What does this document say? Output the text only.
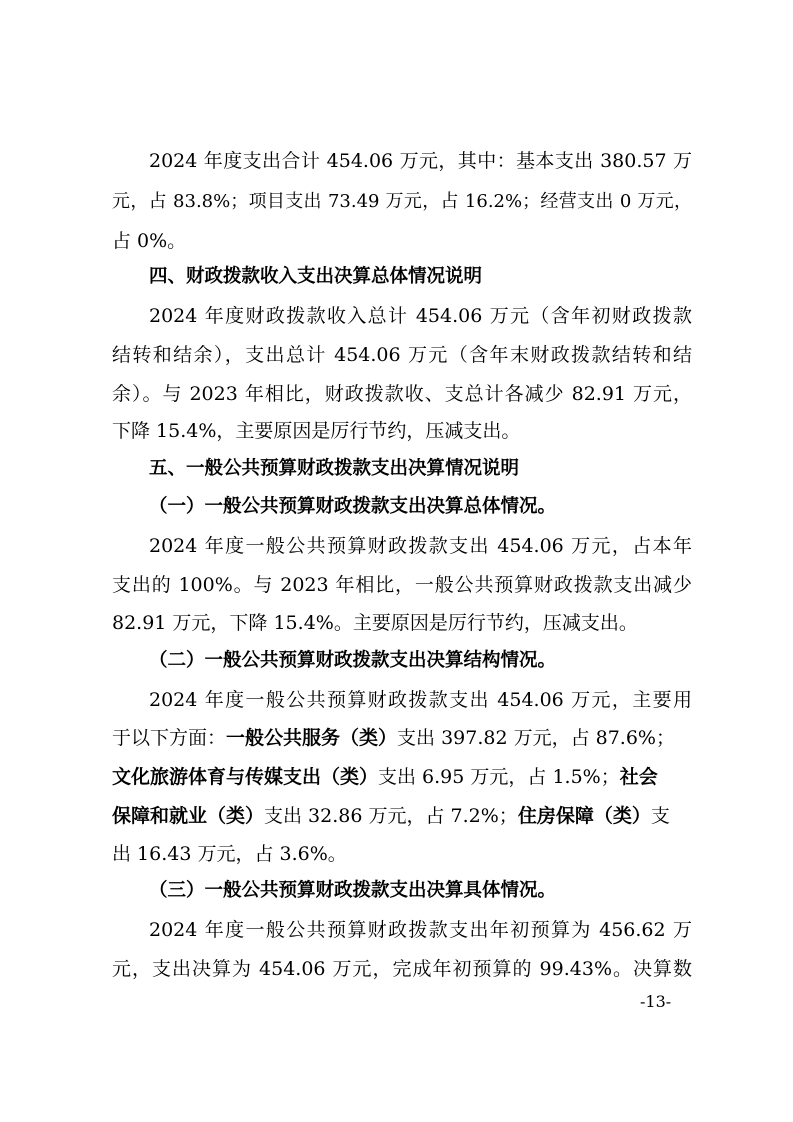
2024 年度支出合计 454.06 万元，其中：基本支出 380.57 万
元，占 83.8%；项目支出 73.49 万元，占 16.2%；经营支出 0 万元，
占 0%。
四、财政拨款收入支出决算总体情况说明
2024 年度财政拨款收入总计 454.06 万元（含年初财政拨款
结转和结余），支出总计 454.06 万元（含年末财政拨款结转和结
余）。与 2023 年相比，财政拨款收、支总计各减少 82.91 万元，
下降 15.4%，主要原因是厉行节约，压减支出。
五、一般公共预算财政拨款支出决算情况说明
（一）一般公共预算财政拨款支出决算总体情况。
2024 年度一般公共预算财政拨款支出 454.06 万元，占本年
支出的 100%。与 2023 年相比，一般公共预算财政拨款支出减少
82.91 万元，下降 15.4%。主要原因是厉行节约，压减支出。
（二）一般公共预算财政拨款支出决算结构情况。
2024 年度一般公共预算财政拨款支出 454.06 万元，主要用
于以下方面：一般公共服务（类）支出 397.82 万元，占 87.6%；
文化旅游体育与传媒支出（类）支出 6.95 万元，占 1.5%；社会
保障和就业（类）支出 32.86 万元，占 7.2%；住房保障（类）支
出 16.43 万元，占 3.6%。
（三）一般公共预算财政拨款支出决算具体情况。
2024 年度一般公共预算财政拨款支出年初预算为 456.62 万
元，支出决算为 454.06 万元，完成年初预算的 99.43%。决算数
-13-
